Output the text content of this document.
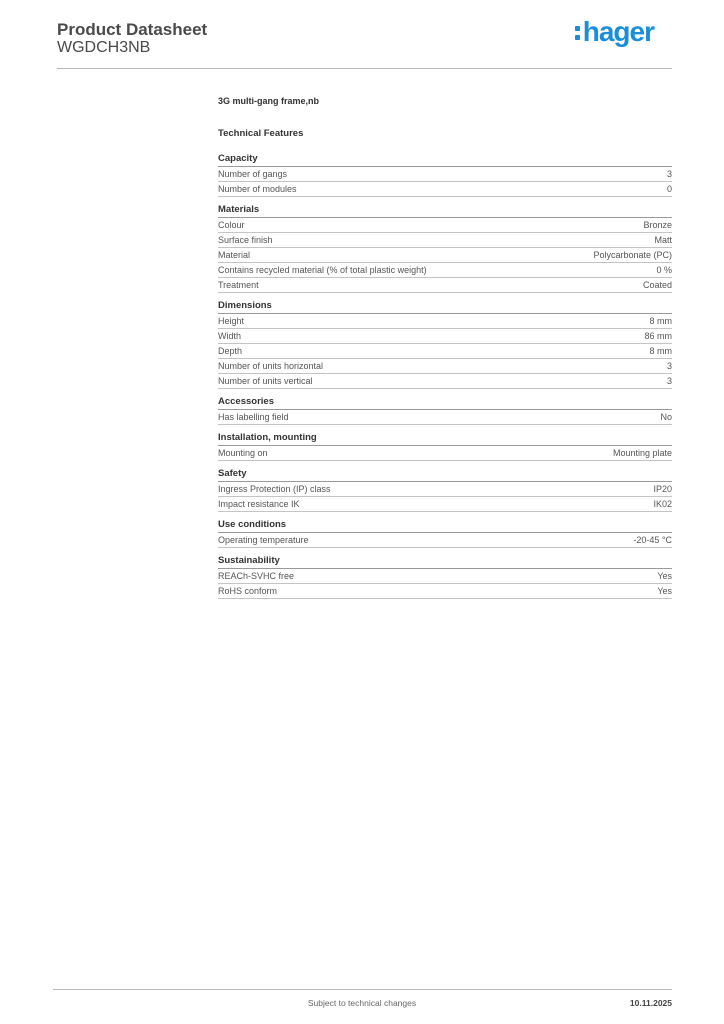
Product Datasheet
WGDCH3NB
hager
3G multi-gang frame,nb
Technical Features
Capacity
Number of gangs	3
Number of modules	0
Materials
Colour	Bronze
Surface finish	Matt
Material	Polycarbonate (PC)
Contains recycled material (% of total plastic weight)	0 %
Treatment	Coated
Dimensions
Height	8 mm
Width	86 mm
Depth	8 mm
Number of units horizontal	3
Number of units vertical	3
Accessories
Has labelling field	No
Installation, mounting
Mounting on	Mounting plate
Safety
Ingress Protection (IP) class	IP20
Impact resistance IK	IK02
Use conditions
Operating temperature	-20-45 °C
Sustainability
REACh-SVHC free	Yes
RoHS conform	Yes
Subject to technical changes	10.11.2025
